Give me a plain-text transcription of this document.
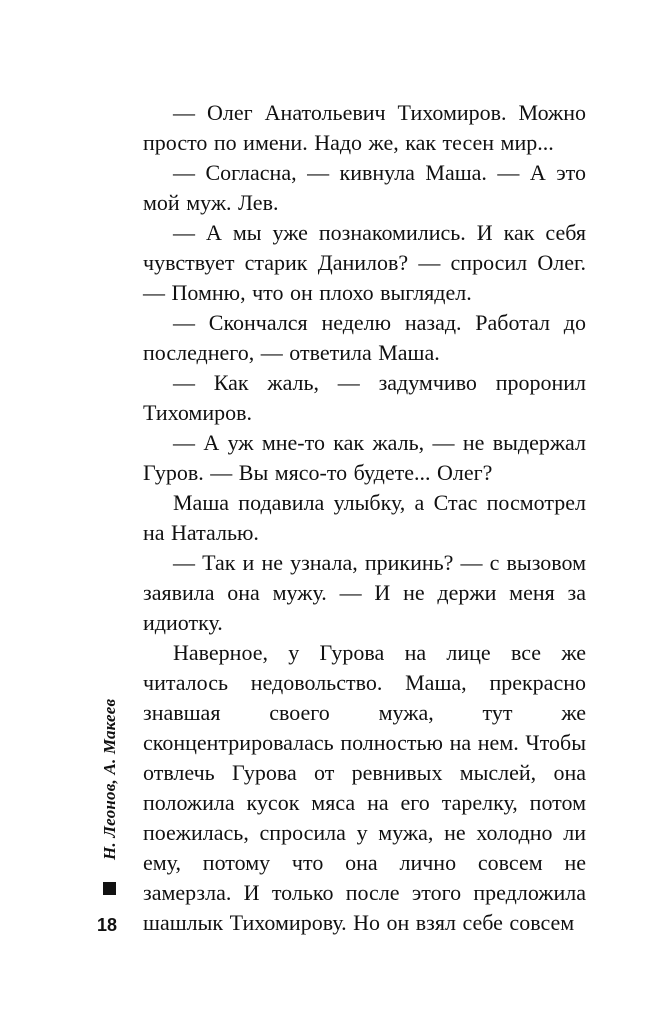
— Олег Анатольевич Тихомиров. Можно просто по имени. Надо же, как тесен мир...

— Согласна, — кивнула Маша. — А это мой муж. Лев.

— А мы уже познакомились. И как себя чувствует старик Данилов? — спросил Олег. — Помню, что он плохо выглядел.

— Скончался неделю назад. Работал до последнего, — ответила Маша.

— Как жаль, — задумчиво проронил Тихомиров.

— А уж мне-то как жаль, — не выдержал Гуров. — Вы мясо-то будете... Олег?

Маша подавила улыбку, а Стас посмотрел на Наталью.

— Так и не узнала, прикинь? — с вызовом заявила она мужу. — И не держи меня за идиотку.

Наверное, у Гурова на лице все же читалось недовольство. Маша, прекрасно знавшая своего мужа, тут же сконцентрировалась полностью на нем. Чтобы отвлечь Гурова от ревнивых мыслей, она положила кусок мяса на его тарелку, потом поежилась, спросила у мужа, не холодно ли ему, потому что она лично совсем не замерзла. И только после этого предложила шашлык Тихомирову. Но он взял себе совсем

Н. Леонов, А. Макеев
18
